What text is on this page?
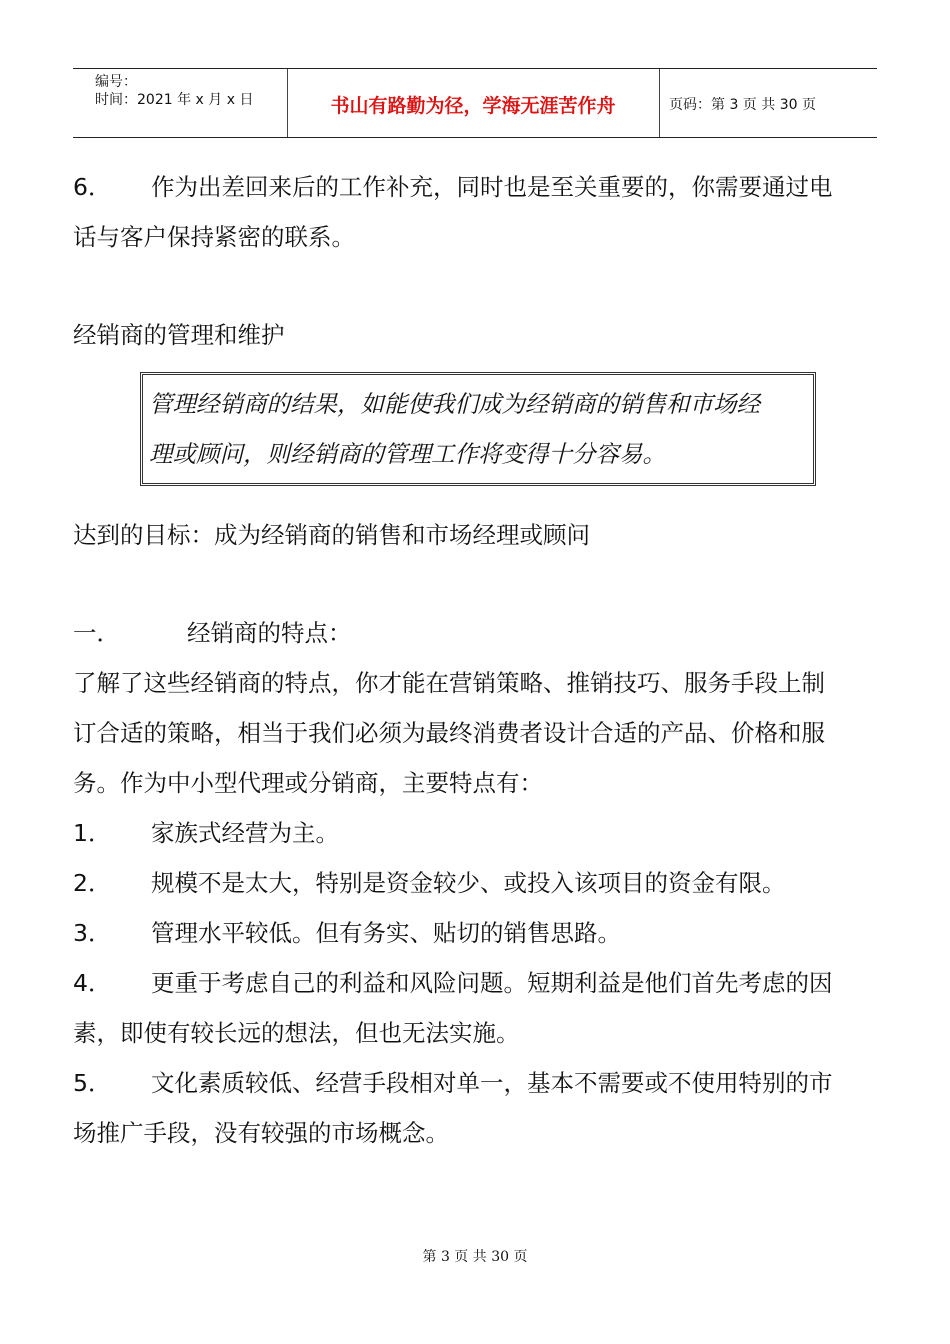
编号：
时间：2021 年 x 月 x 日	书山有路勤为径，学海无涯苦作舟	页码：第 3 页 共 30 页

6． 作为出差回来后的工作补充，同时也是至关重要的，你需要通过电

话与客户保持紧密的联系。

经销商的管理和维护

管理经销商的结果，如能使我们成为经销商的销售和市场经

理或顾问，则经销商的管理工作将变得十分容易。

达到的目标：成为经销商的销售和市场经理或顾问

一．	经销商的特点：

了解了这些经销商的特点，你才能在营销策略、推销技巧、服务手段上制

订合适的策略，相当于我们必须为最终消费者设计合适的产品、价格和服

务。作为中小型代理或分销商，主要特点有：

1． 家族式经营为主。

2． 规模不是太大，特别是资金较少、或投入该项目的资金有限。

3． 管理水平较低。但有务实、贴切的销售思路。

4． 更重于考虑自己的利益和风险问题。短期利益是他们首先考虑的因

素，即使有较长远的想法，但也无法实施。

5． 文化素质较低、经营手段相对单一，基本不需要或不使用特别的市

场推广手段，没有较强的市场概念。

第 3 页 共 30 页
